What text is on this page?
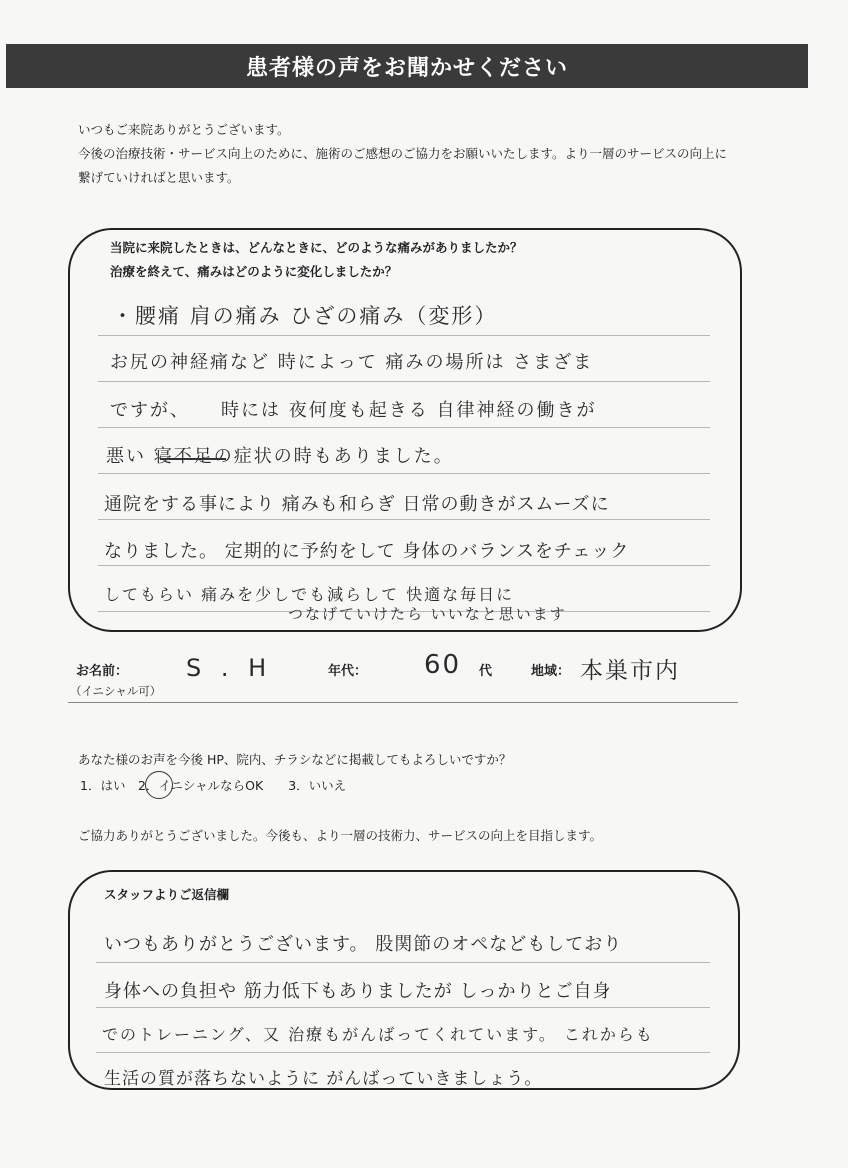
患者様の声をお聞かせください
いつもご来院ありがとうございます。
今後の治療技術・サービス向上のために、施術のご感想のご協力をお願いいたします。より一層のサービスの向上に
繋げていければと思います。
当院に来院したときは、どんなときに、どのような痛みがありましたか？
治療を終えて、痛みはどのように変化しましたか？
・腰痛 肩の痛み ひざの痛み（変形）
お尻の神経痛など 時によって 痛みの場所は さまざま
ですが、　　時には 夜何度も起きる 自律神経の働きが
悪い 寝不足の症状の時もありました。
通院をする事により 痛みも和らぎ 日常の動きがスムーズに
なりました。 定期的に予約をして 身体のバランスをチェック
してもらい 痛みを少しでも減らして 快適な毎日に
つなげていけたら いいなと思います
お名前：
（イニシャル可）
S . H	年代： 60 代	地域： 本巣市内
あなた様のお声を今後 HP、院内、チラシなどに掲載してもよろしいですか？
1．はい　2．イニシャルならOK　　3．いいえ
ご協力ありがとうございました。今後も、より一層の技術力、サービスの向上を目指します。
スタッフよりご返信欄
いつもありがとうございます。 股関節のオペなどもしており
身体への負担や 筋力低下もありましたが しっかりとご自身
でのトレーニング、又 治療もがんばってくれています。 これからも
生活の質が落ちないように がんばっていきましょう。
